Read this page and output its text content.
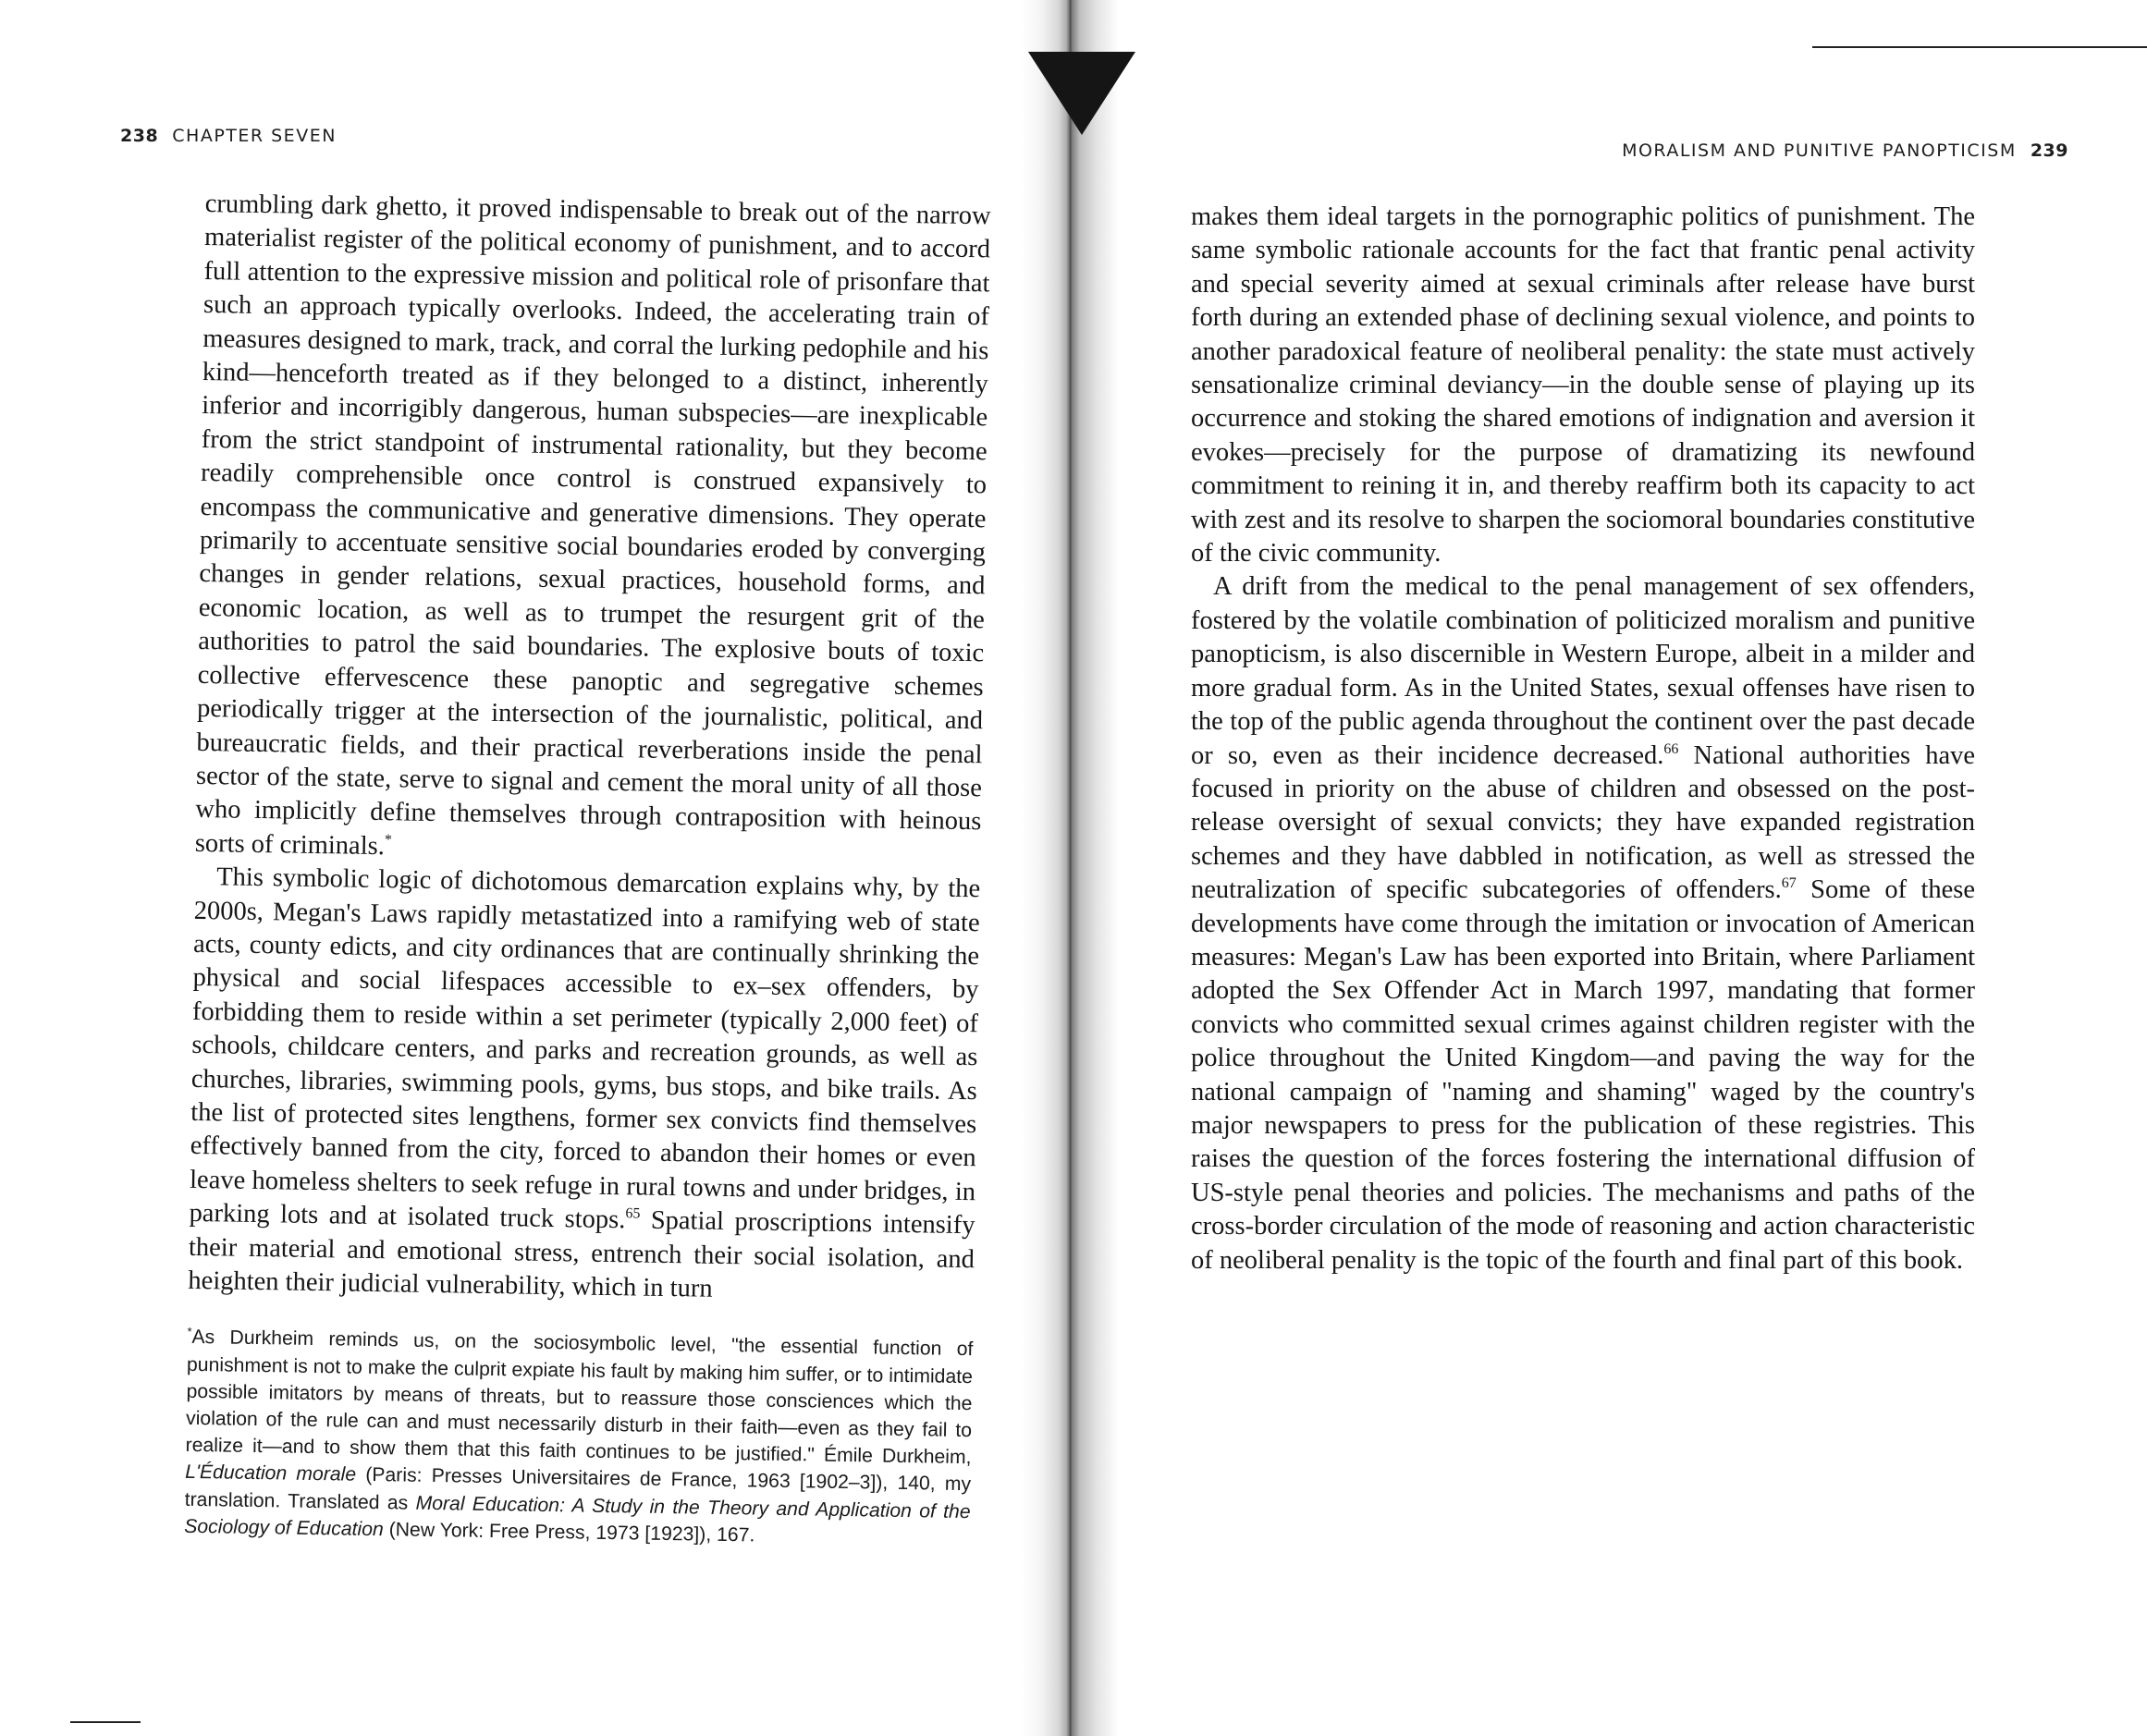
238 CHAPTER SEVEN

crumbling dark ghetto, it proved indispensable to break out of the narrow materialist register of the political economy of punishment, and to accord full attention to the expressive mission and political role of prisonfare that such an approach typically overlooks. Indeed, the accelerating train of measures designed to mark, track, and corral the lurking pedophile and his kind—henceforth treated as if they belonged to a distinct, inherently inferior and incorrigibly dangerous, human subspecies—are inexplicable from the strict standpoint of instrumental rationality, but they become readily comprehensible once control is construed expansively to encompass the communicative and generative dimensions. They operate primarily to accentuate sensitive social boundaries eroded by converging changes in gender relations, sexual practices, household forms, and economic location, as well as to trumpet the resurgent grit of the authorities to patrol the said boundaries. The explosive bouts of toxic collective effervescence these panoptic and segregative schemes periodically trigger at the intersection of the journalistic, political, and bureaucratic fields, and their practical reverberations inside the penal sector of the state, serve to signal and cement the moral unity of all those who implicitly define themselves through contraposition with heinous sorts of criminals.*

This symbolic logic of dichotomous demarcation explains why, by the 2000s, Megan's Laws rapidly metastatized into a ramifying web of state acts, county edicts, and city ordinances that are continually shrinking the physical and social lifespaces accessible to ex–sex offenders, by forbidding them to reside within a set perimeter (typically 2,000 feet) of schools, childcare centers, and parks and recreation grounds, as well as churches, libraries, swimming pools, gyms, bus stops, and bike trails. As the list of protected sites lengthens, former sex convicts find themselves effectively banned from the city, forced to abandon their homes or even leave homeless shelters to seek refuge in rural towns and under bridges, in parking lots and at isolated truck stops.$^{65}$ Spatial proscriptions intensify their material and emotional stress, entrench their social isolation, and heighten their judicial vulnerability, which in turn

*As Durkheim reminds us, on the sociosymbolic level, "the essential function of punishment is not to make the culprit expiate his fault by making him suffer, or to intimidate possible imitators by means of threats, but to reassure those consciences which the violation of the rule can and must necessarily disturb in their faith—even as they fail to realize it—and to show them that this faith continues to be justified." Émile Durkheim, L'Éducation morale (Paris: Presses Universitaires de France, 1963 [1902–3]), 140, my translation. Translated as Moral Education: A Study in the Theory and Application of the Sociology of Education (New York: Free Press, 1973 [1923]), 167.
MORALISM AND PUNITIVE PANOPTICISM 239

makes them ideal targets in the pornographic politics of punishment. The same symbolic rationale accounts for the fact that frantic penal activity and special severity aimed at sexual criminals after release have burst forth during an extended phase of declining sexual violence, and points to another paradoxical feature of neoliberal penality: the state must actively sensationalize criminal deviancy—in the double sense of playing up its occurrence and stoking the shared emotions of indignation and aversion it evokes—precisely for the purpose of dramatizing its newfound commitment to reining it in, and thereby reaffirm both its capacity to act with zest and its resolve to sharpen the sociomoral boundaries constitutive of the civic community.

A drift from the medical to the penal management of sex offenders, fostered by the volatile combination of politicized moralism and punitive panopticism, is also discernible in Western Europe, albeit in a milder and more gradual form. As in the United States, sexual offenses have risen to the top of the public agenda throughout the continent over the past decade or so, even as their incidence decreased.$^{66}$ National authorities have focused in priority on the abuse of children and obsessed on the post-release oversight of sexual convicts; they have expanded registration schemes and they have dabbled in notification, as well as stressed the neutralization of specific subcategories of offenders.$^{67}$ Some of these developments have come through the imitation or invocation of American measures: Megan's Law has been exported into Britain, where Parliament adopted the Sex Offender Act in March 1997, mandating that former convicts who committed sexual crimes against children register with the police throughout the United Kingdom—and paving the way for the national campaign of "naming and shaming" waged by the country's major newspapers to press for the publication of these registries. This raises the question of the forces fostering the international diffusion of US-style penal theories and policies. The mechanisms and paths of the cross-border circulation of the mode of reasoning and action characteristic of neoliberal penality is the topic of the fourth and final part of this book.
